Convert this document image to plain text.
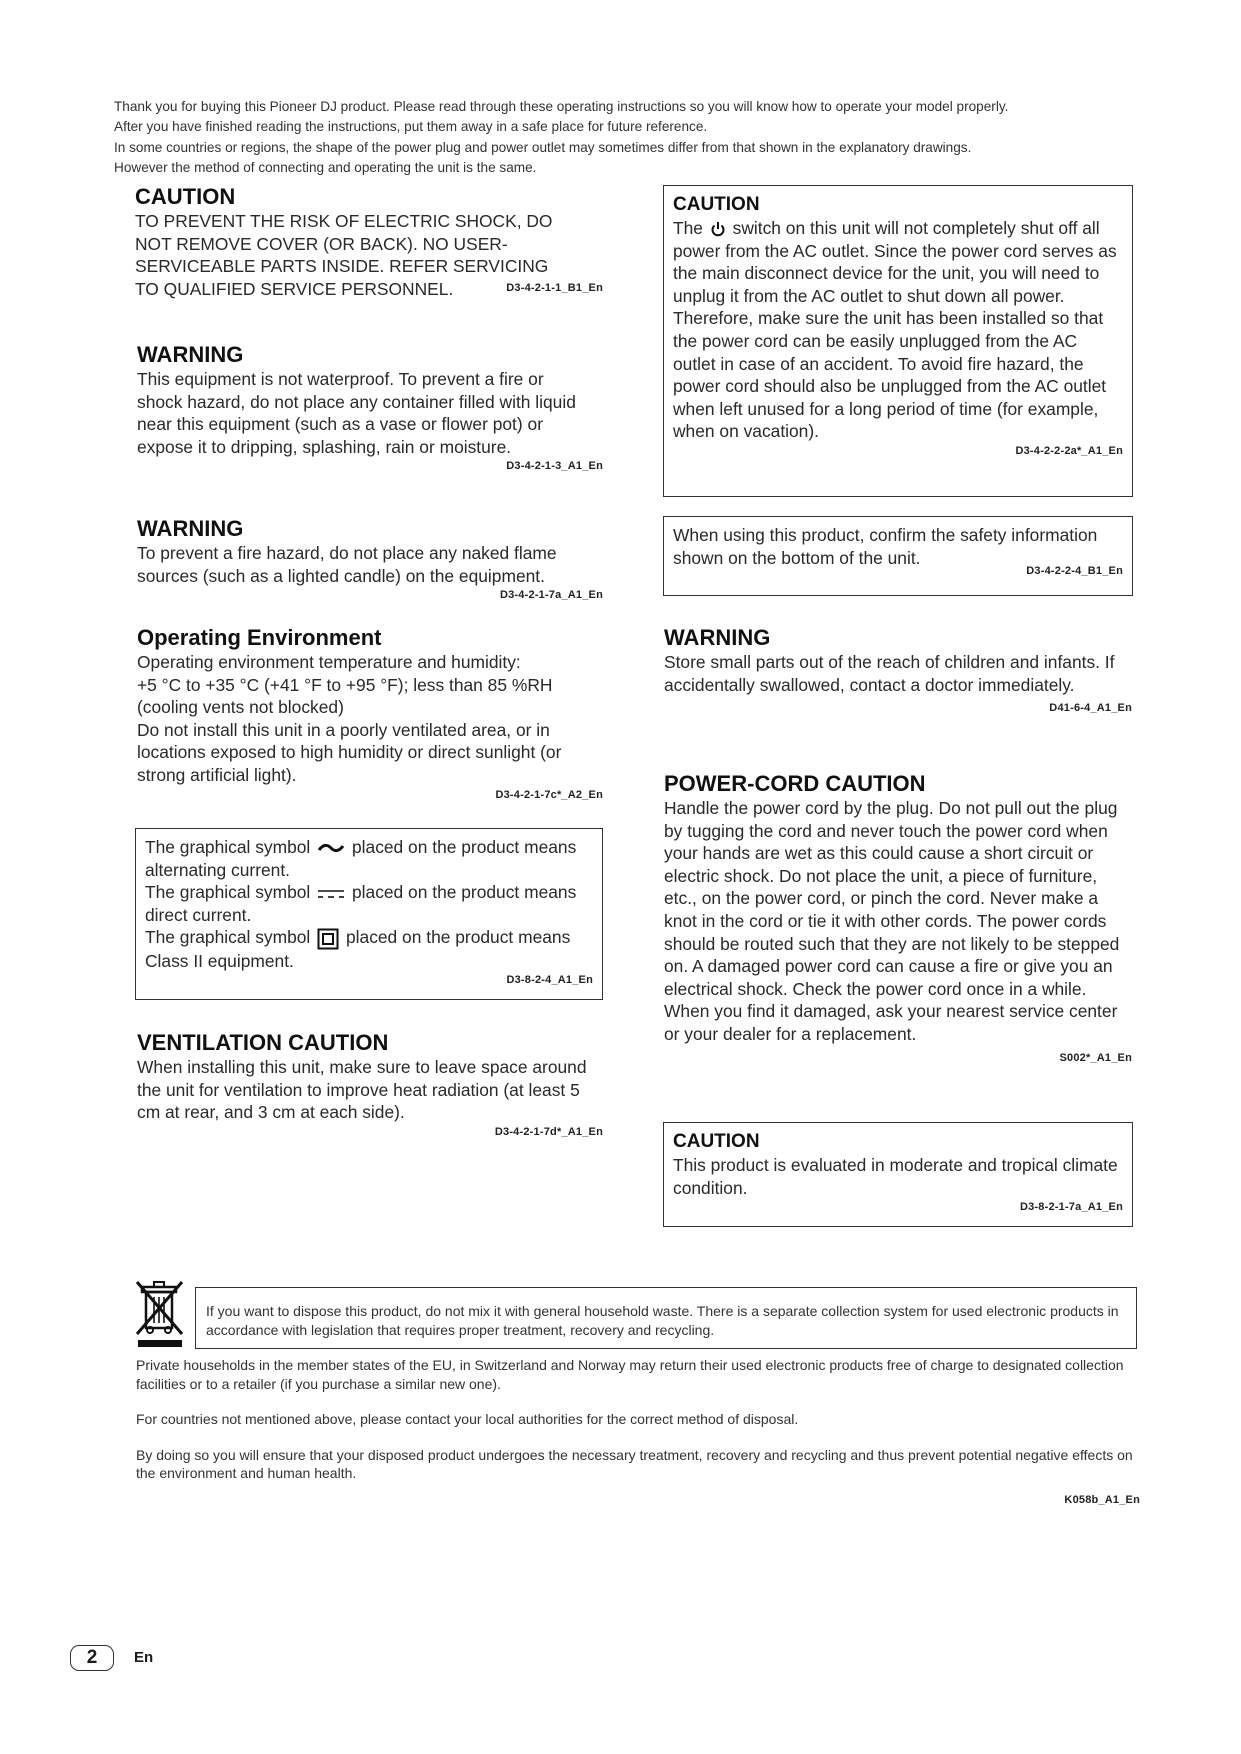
Thank you for buying this Pioneer DJ product. Please read through these operating instructions so you will know how to operate your model properly.

After you have finished reading the instructions, put them away in a safe place for future reference.

In some countries or regions, the shape of the power plug and power outlet may sometimes differ from that shown in the explanatory drawings.

However the method of connecting and operating the unit is the same.

CAUTION
TO PREVENT THE RISK OF ELECTRIC SHOCK, DO NOT REMOVE COVER (OR BACK). NO USER-SERVICEABLE PARTS INSIDE. REFER SERVICING TO QUALIFIED SERVICE PERSONNEL.	D3-4-2-1-1_B1_En
WARNING
This equipment is not waterproof. To prevent a fire or shock hazard, do not place any container filled with liquid near this equipment (such as a vase or flower pot) or expose it to dripping, splashing, rain or moisture.
D3-4-2-1-3_A1_En
WARNING
To prevent a fire hazard, do not place any naked flame sources (such as a lighted candle) on the equipment.
D3-4-2-1-7a_A1_En
Operating Environment

Operating environment temperature and humidity:

+5 °C to +35 °C (+41 °F to +95 °F); less than 85 %RH (cooling vents not blocked)

Do not install this unit in a poorly ventilated area, or in locations exposed to high humidity or direct sunlight (or strong artificial light).

D3-4-2-1-7c*_A2_En

The graphical symbol placed on the product means alternating current.

The graphical symbol placed on the product means direct current.

The graphical symbol placed on the product means Class II equipment.

D3-8-2-4_A1_En
VENTILATION CAUTION
When installing this unit, make sure to leave space around the unit for ventilation to improve heat radiation (at least 5 cm at rear, and 3 cm at each side).
D3-4-2-1-7d*_A1_En
CAUTION
The switch on this unit will not completely shut off all power from the AC outlet. Since the power cord serves as the main disconnect device for the unit, you will need to unplug it from the AC outlet to shut down all power. Therefore, make sure the unit has been installed so that the power cord can be easily unplugged from the AC outlet in case of an accident. To avoid fire hazard, the power cord should also be unplugged from the AC outlet when left unused for a long period of time (for example, when on vacation).
D3-4-2-2-2a*_A1_En
When using this product, confirm the safety information shown on the bottom of the unit.
D3-4-2-2-4_B1_En
WARNING
Store small parts out of the reach of children and infants. If accidentally swallowed, contact a doctor immediately.
D41-6-4_A1_En
POWER-CORD CAUTION
Handle the power cord by the plug. Do not pull out the plug by tugging the cord and never touch the power cord when your hands are wet as this could cause a short circuit or electric shock. Do not place the unit, a piece of furniture, etc., on the power cord, or pinch the cord. Never make a knot in the cord or tie it with other cords. The power cords should be routed such that they are not likely to be stepped on. A damaged power cord can cause a fire or give you an electrical shock. Check the power cord once in a while. When you find it damaged, ask your nearest service center or your dealer for a replacement.
S002*_A1_En
CAUTION
This product is evaluated in moderate and tropical climate condition.
D3-8-2-1-7a_A1_En
If you want to dispose this product, do not mix it with general household waste. There is a separate collection system for used electronic products in accordance with legislation that requires proper treatment, recovery and recycling.

Private households in the member states of the EU, in Switzerland and Norway may return their used electronic products free of charge to designated collection facilities or to a retailer (if you purchase a similar new one).

For countries not mentioned above, please contact your local authorities for the correct method of disposal.

By doing so you will ensure that your disposed product undergoes the necessary treatment, recovery and recycling and thus prevent potential negative effects on the environment and human health.

K058b_A1_En
2	En
